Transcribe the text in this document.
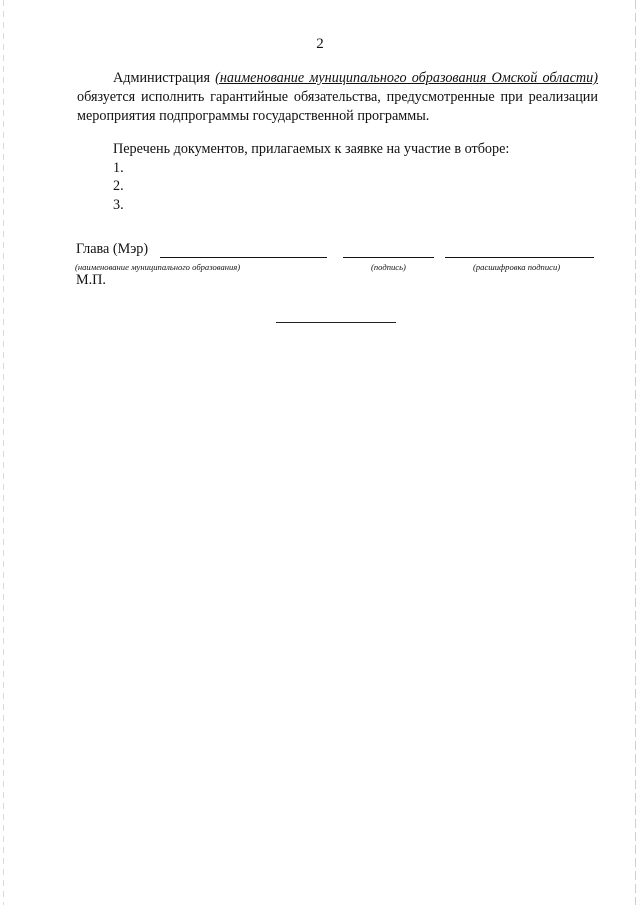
2
Администрация (наименование муниципального образования Омской области) обязуется исполнить гарантийные обязательства, предусмотренные при реализации мероприятия подпрограммы государственной программы.
Перечень документов, прилагаемых к заявке на участие в отборе:
1.
2.
3.
Глава (Мэр)
(наименование муниципального образования)	(подпись)	(расшифровка подписи)
М.П.
